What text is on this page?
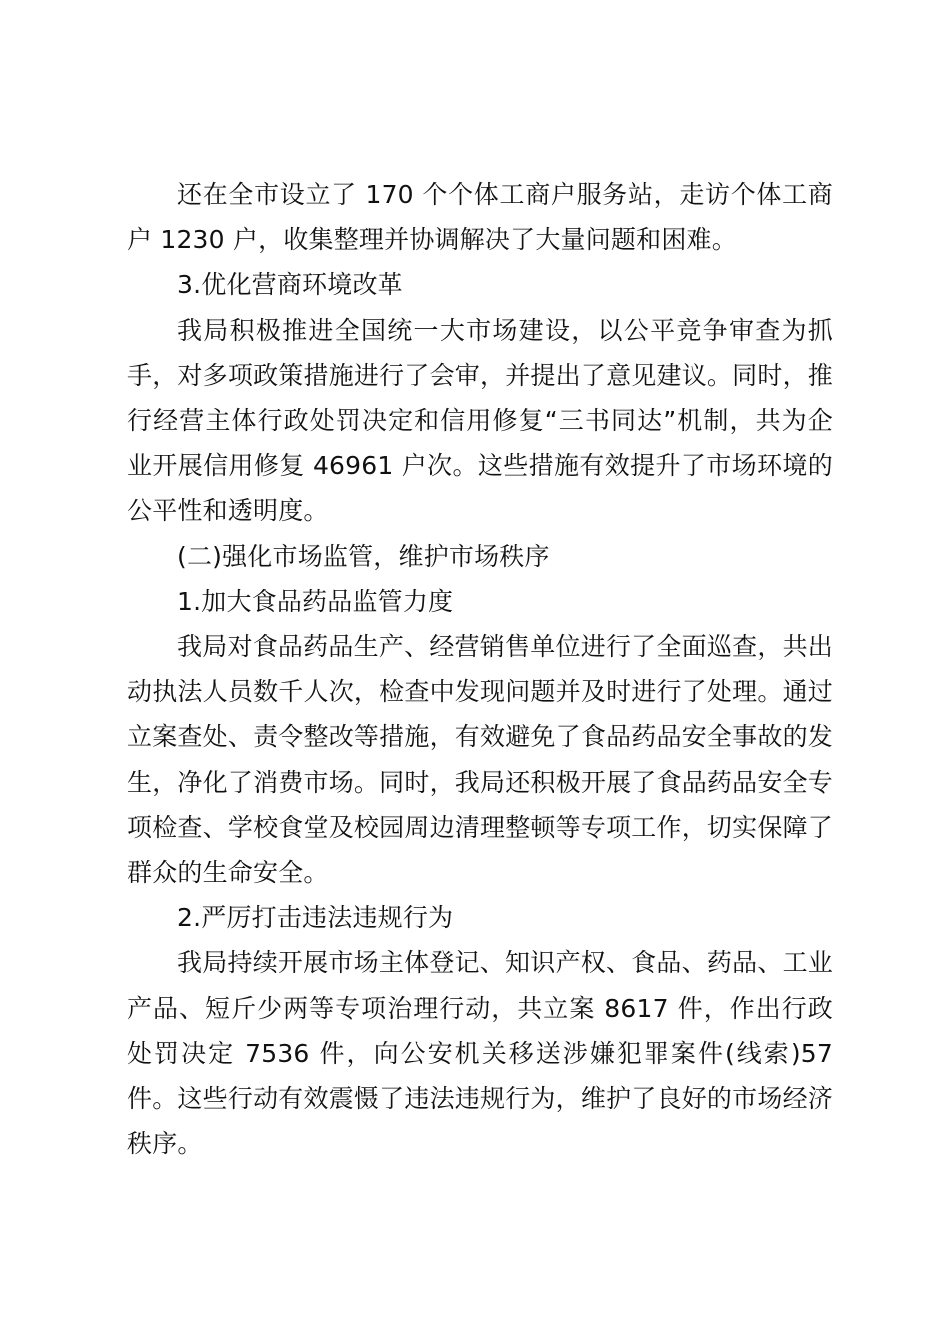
还在全市设立了 170 个个体工商户服务站，走访个体工商户 1230 户，收集整理并协调解决了大量问题和困难。

3.优化营商环境改革

我局积极推进全国统一大市场建设，以公平竞争审查为抓手，对多项政策措施进行了会审，并提出了意见建议。同时，推行经营主体行政处罚决定和信用修复“三书同达”机制，共为企业开展信用修复 46961 户次。这些措施有效提升了市场环境的公平性和透明度。

(二)强化市场监管，维护市场秩序

1.加大食品药品监管力度

我局对食品药品生产、经营销售单位进行了全面巡查，共出动执法人员数千人次，检查中发现问题并及时进行了处理。通过立案查处、责令整改等措施，有效避免了食品药品安全事故的发生，净化了消费市场。同时，我局还积极开展了食品药品安全专项检查、学校食堂及校园周边清理整顿等专项工作，切实保障了群众的生命安全。

2.严厉打击违法违规行为

我局持续开展市场主体登记、知识产权、食品、药品、工业产品、短斤少两等专项治理行动，共立案 8617 件，作出行政处罚决定 7536 件，向公安机关移送涉嫌犯罪案件(线索)57件。这些行动有效震慑了违法违规行为，维护了良好的市场经济秩序。
